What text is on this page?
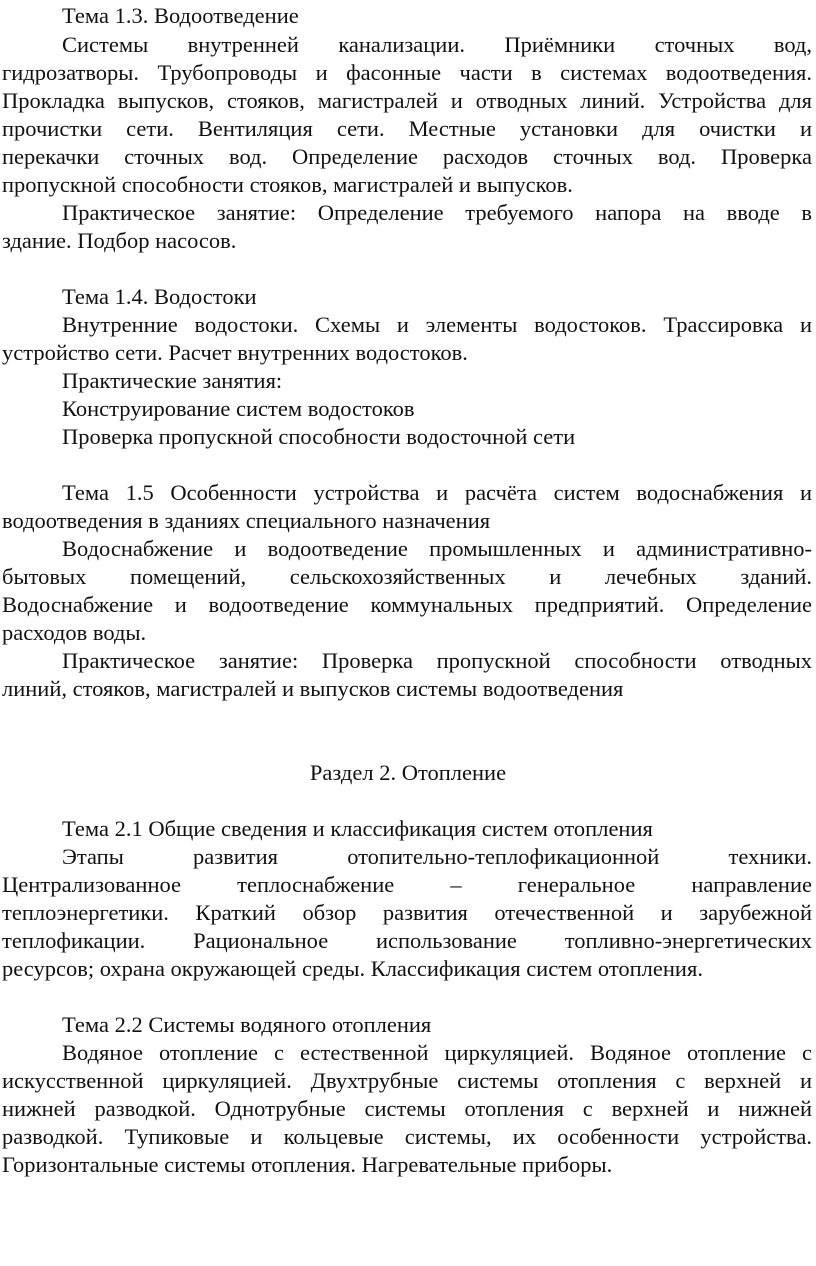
Тема 1.3. Водоотведение
Системы внутренней канализации. Приёмники сточных вод,
гидрозатворы. Трубопроводы и фасонные части в системах водоотведения.
Прокладка выпусков, стояков, магистралей и отводных линий. Устройства для
прочистки сети. Вентиляция сети. Местные установки для очистки и
перекачки сточных вод. Определение расходов сточных вод. Проверка
пропускной способности стояков, магистралей и выпусков.
Практическое занятие: Определение требуемого напора на вводе в
здание. Подбор насосов.
Тема 1.4. Водостоки
Внутренние водостоки. Схемы и элементы водостоков. Трассировка и
устройство сети. Расчет внутренних водостоков.
Практические занятия:
Конструирование систем водостоков
Проверка пропускной способности водосточной сети
Тема 1.5 Особенности устройства и расчёта систем водоснабжения и
водоотведения в зданиях специального назначения
Водоснабжение и водоотведение промышленных и административно-
бытовых помещений, сельскохозяйственных и лечебных зданий.
Водоснабжение и водоотведение коммунальных предприятий. Определение
расходов воды.
Практическое занятие: Проверка пропускной способности отводных
линий, стояков, магистралей и выпусков системы водоотведения
Раздел 2. Отопление
Тема 2.1 Общие сведения и классификация систем отопления
Этапы развития отопительно-теплофикационной техники.
Централизованное теплоснабжение – генеральное направление
теплоэнергетики. Краткий обзор развития отечественной и зарубежной
теплофикации. Рациональное использование топливно-энергетических
ресурсов; охрана окружающей среды. Классификация систем отопления.
Тема 2.2 Системы водяного отопления
Водяное отопление с естественной циркуляцией. Водяное отопление с
искусственной циркуляцией. Двухтрубные системы отопления с верхней и
нижней разводкой. Однотрубные системы отопления с верхней и нижней
разводкой. Тупиковые и кольцевые системы, их особенности устройства.
Горизонтальные системы отопления. Нагревательные приборы.
